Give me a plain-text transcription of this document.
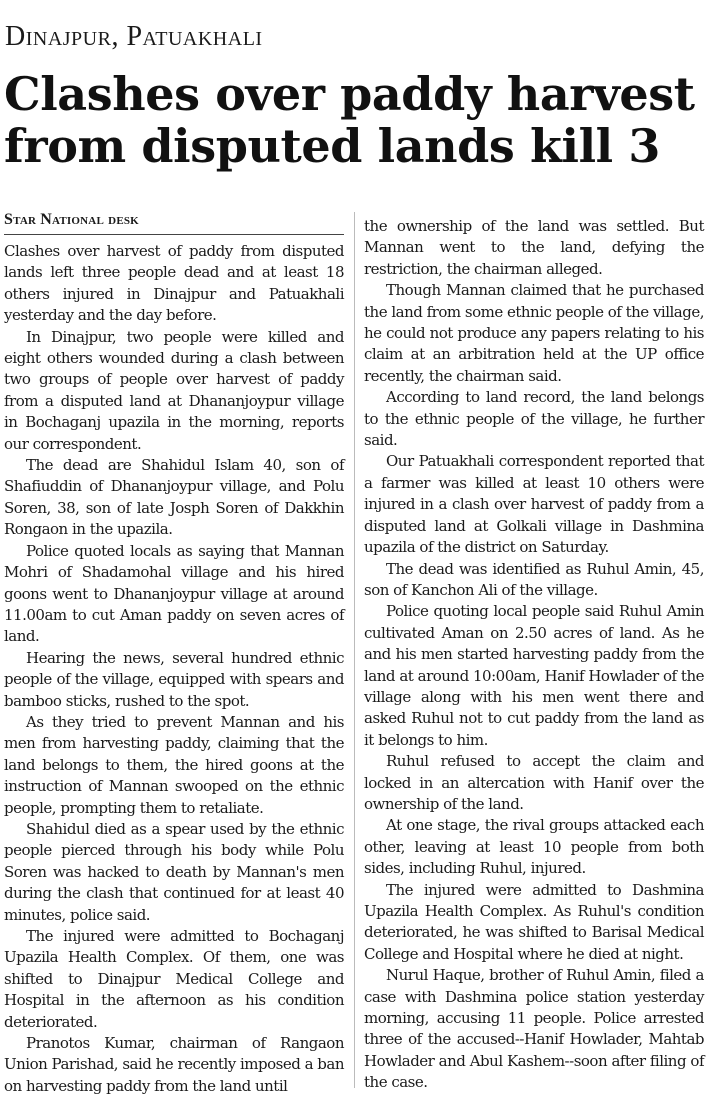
Dinajpur, Patuakhali
Clashes over paddy harvest
from disputed lands kill 3
Star National desk

Clashes over harvest of paddy from disputed lands left three people dead and at least 18 others injured in Dinajpur and Patuakhali yesterday and the day before.

In Dinajpur, two people were killed and eight others wounded during a clash between two groups of people over harvest of paddy from a disputed land at Dhananjoypur village in Bochaganj upazila in the morning, reports our correspondent.

The dead are Shahidul Islam 40, son of Shafiuddin of Dhananjoypur village, and Polu Soren, 38, son of late Josph Soren of Dakkhin Rongaon in the upazila.

Police quoted locals as saying that Mannan Mohri of Shadamohal village and his hired goons went to Dhananjoypur village at around 11.00am to cut Aman paddy on seven acres of land.

Hearing the news, several hundred ethnic people of the village, equipped with spears and bamboo sticks, rushed to the spot.

As they tried to prevent Mannan and his men from harvesting paddy, claiming that the land belongs to them, the hired goons at the instruction of Mannan swooped on the ethnic people, prompting them to retaliate.

Shahidul died as a spear used by the ethnic people pierced through his body while Polu Soren was hacked to death by Mannan's men during the clash that continued for at least 40 minutes, police said.

The injured were admitted to Bochaganj Upazila Health Complex. Of them, one was shifted to Dinajpur Medical College and Hospital in the afternoon as his condition deteriorated.

Pranotos Kumar, chairman of Rangaon Union Parishad, said he recently imposed a ban on harvesting paddy from the land until

the ownership of the land was settled. But Mannan went to the land, defying the restriction, the chairman alleged.

Though Mannan claimed that he purchased the land from some ethnic people of the village, he could not produce any papers relating to his claim at an arbitration held at the UP office recently, the chairman said.

According to land record, the land belongs to the ethnic people of the village, he further said.

Our Patuakhali correspondent reported that a farmer was killed at least 10 others were injured in a clash over harvest of paddy from a disputed land at Golkali village in Dashmina upazila of the district on Saturday.

The dead was identified as Ruhul Amin, 45, son of Kanchon Ali of the village.

Police quoting local people said Ruhul Amin cultivated Aman on 2.50 acres of land. As he and his men started harvesting paddy from the land at around 10:00am, Hanif Howlader of the village along with his men went there and asked Ruhul not to cut paddy from the land as it belongs to him.

Ruhul refused to accept the claim and locked in an altercation with Hanif over the ownership of the land.

At one stage, the rival groups attacked each other, leaving at least 10 people from both sides, including Ruhul, injured.

The injured were admitted to Dashmina Upazila Health Complex. As Ruhul's condition deteriorated, he was shifted to Barisal Medical College and Hospital where he died at night.

Nurul Haque, brother of Ruhul Amin, filed a case with Dashmina police station yesterday morning, accusing 11 people. Police arrested three of the accused--Hanif Howlader, Mahtab Howlader and Abul Kashem--soon after filing of the case.
